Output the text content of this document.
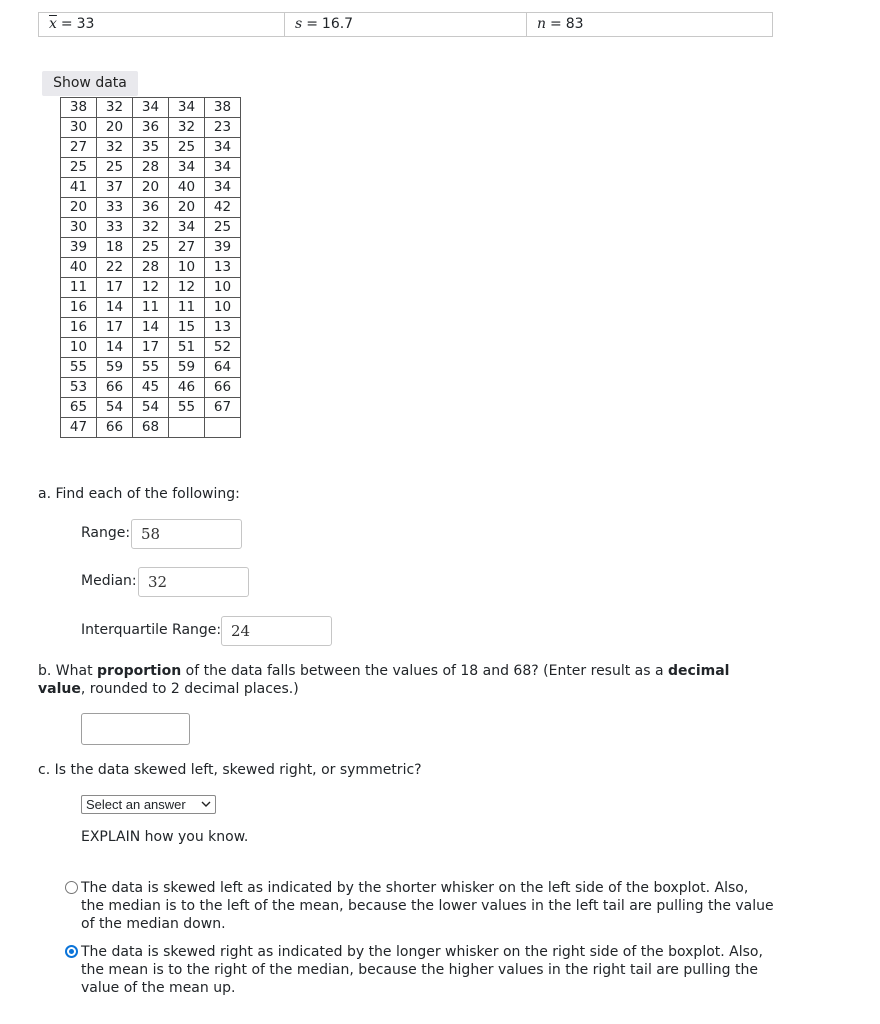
$\overline{x} = 33$	s = 16.7	n = 83
Show data
38	32	34	34	38
30	20	36	32	23
27	32	35	25	34
25	25	28	34	34
41	37	20	40	34
20	33	36	20	42
30	33	32	34	25
39	18	25	27	39
40	22	28	10	13
11	17	12	12	10
16	14	11	11	10
16	17	14	15	13
10	14	17	51	52
55	59	55	59	64
53	66	45	46	66
65	54	54	55	67
47	66	68		
a. Find each of the following:
Range: 58
Median: 32
Interquartile Range: 24
b. What proportion of the data falls between the values of 18 and 68? (Enter result as a decimal value, rounded to 2 decimal places.)
c. Is the data skewed left, skewed right, or symmetric?
Select an answer
EXPLAIN how you know.
The data is skewed left as indicated by the shorter whisker on the left side of the boxplot. Also, the median is to the left of the mean, because the lower values in the left tail are pulling the value of the median down.
The data is skewed right as indicated by the longer whisker on the right side of the boxplot. Also, the mean is to the right of the median, because the higher values in the right tail are pulling the value of the mean up.
